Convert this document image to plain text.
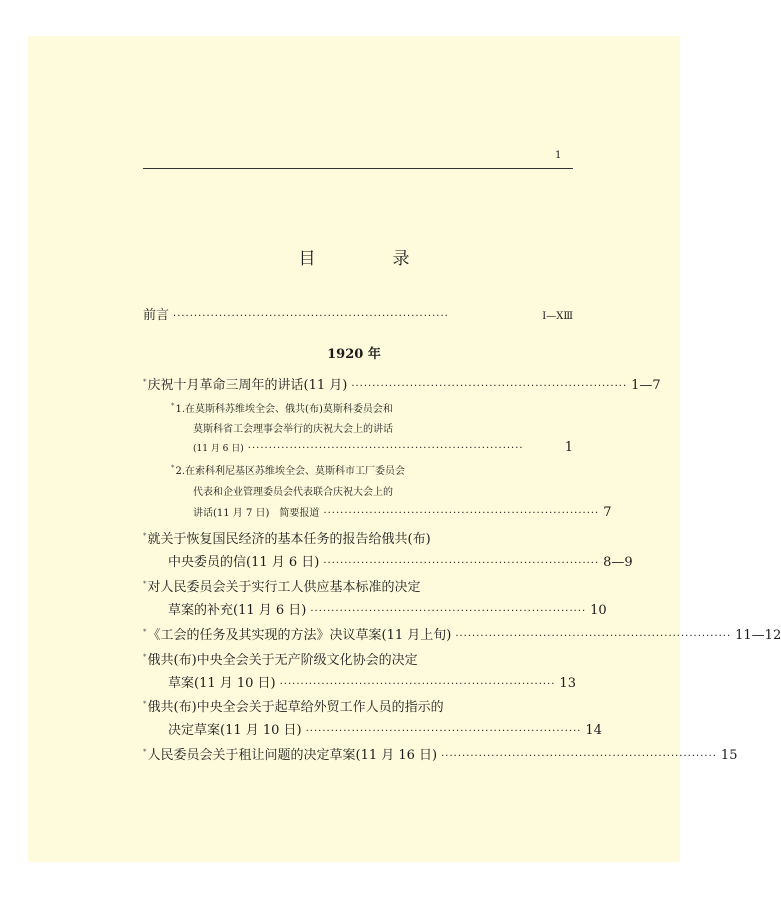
1
目　录
前言 ··································································	Ⅰ—ⅩⅢ
1920 年
*庆祝十月革命三周年的讲话(11 月) ·································································· 1—7
*1.在莫斯科苏维埃全会、俄共(布)莫斯科委员会和
莫斯科省工会理事会举行的庆祝大会上的讲话
(11 月 6 日) ··································································	1
*2.在索科利尼基区苏维埃全会、莫斯科市工厂委员会
代表和企业管理委员会代表联合庆祝大会上的
讲话(11 月 7 日)　简要报道 ·································································· 7
*就关于恢复国民经济的基本任务的报告给俄共(布)
中央委员的信(11 月 6 日) ·································································· 8—9
*对人民委员会关于实行工人供应基本标准的决定
草案的补充(11 月 6 日) ·································································· 10
*《工会的任务及其实现的方法》决议草案(11 月上旬) ·································································· 11—12
*俄共(布)中央全会关于无产阶级文化协会的决定
草案(11 月 10 日) ·································································· 13
*俄共(布)中央全会关于起草给外贸工作人员的指示的
决定草案(11 月 10 日) ·································································· 14
*人民委员会关于租让问题的决定草案(11 月 16 日) ·································································· 15
